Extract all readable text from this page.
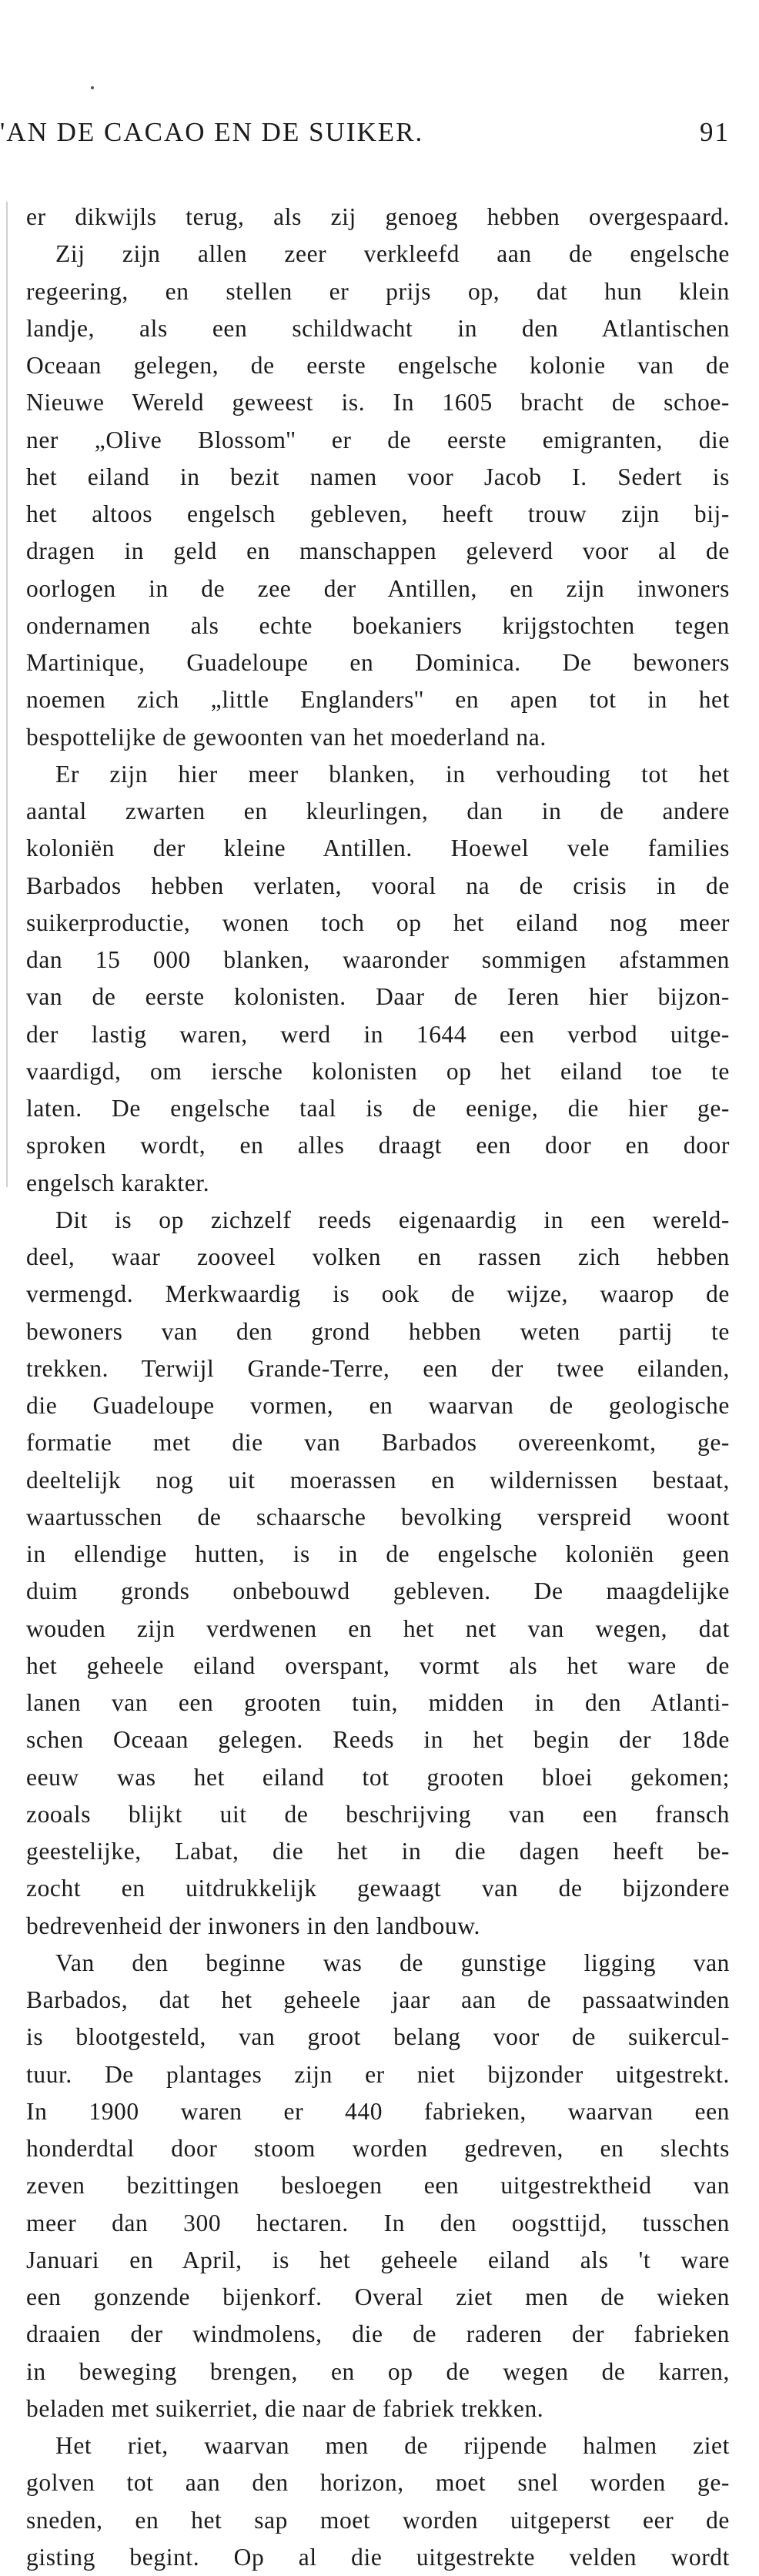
'AN DE CACAO EN DE SUIKER.	91
er dikwijls terug, als zij genoeg hebben overgespaard.
Zij zijn allen zeer verkleefd aan de engelsche
regeering, en stellen er prijs op, dat hun klein
landje, als een schildwacht in den Atlantischen
Oceaan gelegen, de eerste engelsche kolonie van de
Nieuwe Wereld geweest is. In 1605 bracht de schoe-
ner „Olive Blossom'' er de eerste emigranten, die
het eiland in bezit namen voor Jacob I. Sedert is
het altoos engelsch gebleven, heeft trouw zijn bij-
dragen in geld en manschappen geleverd voor al de
oorlogen in de zee der Antillen, en zijn inwoners
ondernamen als echte boekaniers krijgstochten tegen
Martinique, Guadeloupe en Dominica. De bewoners
noemen zich „little Englanders'' en apen tot in het
bespottelijke de gewoonten van het moederland na.
Er zijn hier meer blanken, in verhouding tot het
aantal zwarten en kleurlingen, dan in de andere
koloniën der kleine Antillen. Hoewel vele families
Barbados hebben verlaten, vooral na de crisis in de
suikerproductie, wonen toch op het eiland nog meer
dan 15 000 blanken, waaronder sommigen afstammen
van de eerste kolonisten. Daar de Ieren hier bijzon-
der lastig waren, werd in 1644 een verbod uitge-
vaardigd, om iersche kolonisten op het eiland toe te
laten. De engelsche taal is de eenige, die hier ge-
sproken wordt, en alles draagt een door en door
engelsch karakter.
Dit is op zichzelf reeds eigenaardig in een wereld-
deel, waar zooveel volken en rassen zich hebben
vermengd. Merkwaardig is ook de wijze, waarop de
bewoners van den grond hebben weten partij te
trekken. Terwijl Grande-Terre, een der twee eilanden,
die Guadeloupe vormen, en waarvan de geologische
formatie met die van Barbados overeenkomt, ge-
deeltelijk nog uit moerassen en wildernissen bestaat,
waartusschen de schaarsche bevolking verspreid woont
in ellendige hutten, is in de engelsche koloniën geen
duim gronds onbebouwd gebleven. De maagdelijke
wouden zijn verdwenen en het net van wegen, dat
het geheele eiland overspant, vormt als het ware de
lanen van een grooten tuin, midden in den Atlanti-
schen Oceaan gelegen. Reeds in het begin der 18de
eeuw was het eiland tot grooten bloei gekomen;
zooals blijkt uit de beschrijving van een fransch
geestelijke, Labat, die het in die dagen heeft be-
zocht en uitdrukkelijk gewaagt van de bijzondere
bedrevenheid der inwoners in den landbouw.
Van den beginne was de gunstige ligging van
Barbados, dat het geheele jaar aan de passaatwinden
is blootgesteld, van groot belang voor de suikercul-
tuur. De plantages zijn er niet bijzonder uitgestrekt.
In 1900 waren er 440 fabrieken, waarvan een
honderdtal door stoom worden gedreven, en slechts
zeven bezittingen besloegen een uitgestrektheid van
meer dan 300 hectaren. In den oogsttijd, tusschen
Januari en April, is het geheele eiland als 't ware
een gonzende bijenkorf. Overal ziet men de wieken
draaien der windmolens, die de raderen der fabrieken
in beweging brengen, en op de wegen de karren,
beladen met suikerriet, die naar de fabriek trekken.
Het riet, waarvan men de rijpende halmen ziet
golven tot aan den horizon, moet snel worden ge-
sneden, en het sap moet worden uitgeperst eer de
gisting begint. Op al die uitgestrekte velden wordt
